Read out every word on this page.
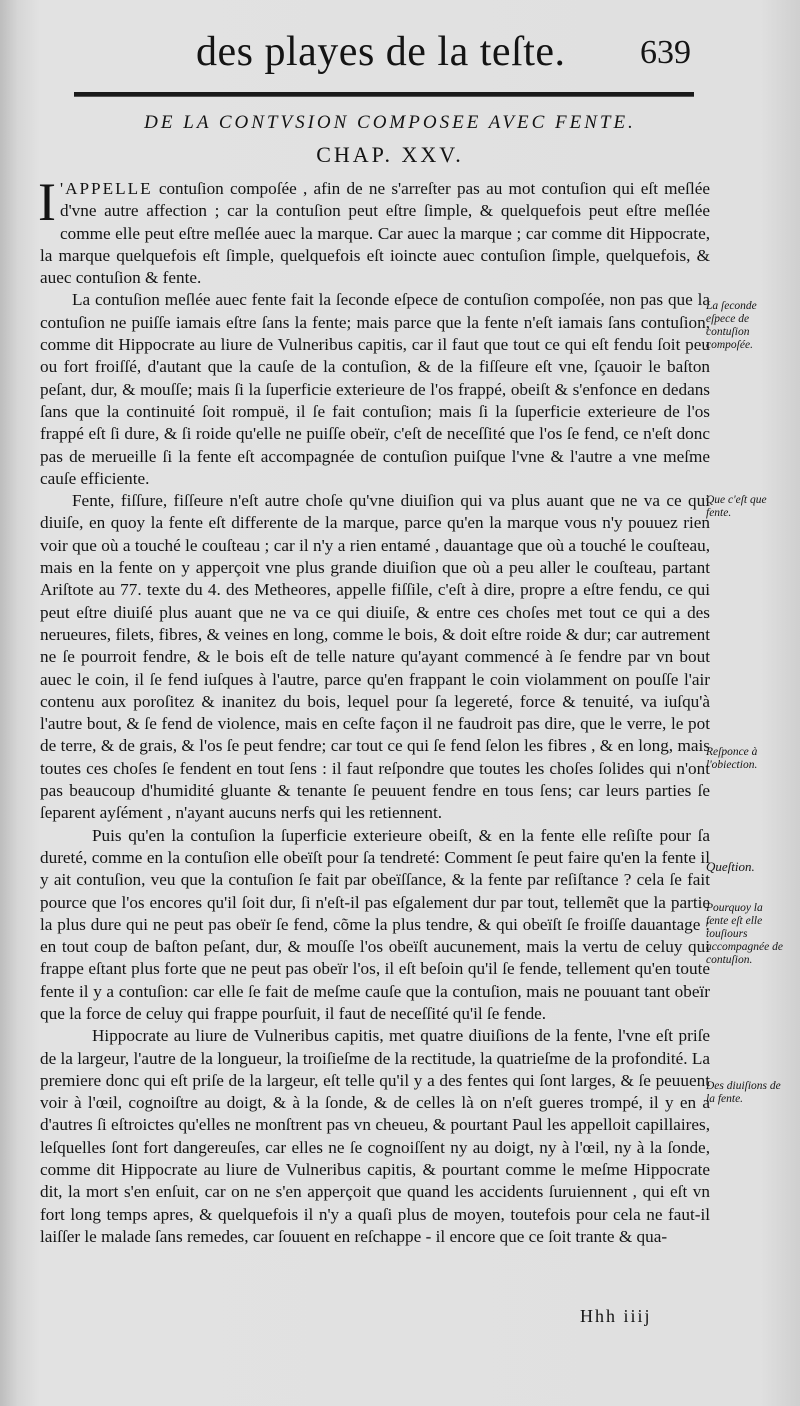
des playes de la teſte. 639
DE LA CONTVSION COMPOSEE AVEC FENTE.
CHAP. XXV.

I 'APPELLE contuſion compoſée , afin de ne s'arreſter pas au mot contuſion qui eſt meſlée d'vne autre affection ; car la contuſion peut eſtre ſimple, & quelquefois peut eſtre meſlée comme elle peut eſtre meſlée auec la marque. Car auec la marque ; car comme dit Hippocrate, la marque quelquefois eſt ſimple, quelquefois eſt ioincte auec contuſion ſimple, quelquefois, & auec contuſion & fente.

La contuſion meſlée auec fente fait la ſeconde eſpece de contuſion compoſée, non pas que la contuſion ne puiſſe iamais eſtre ſans la fente; mais parce que la fente n'eſt iamais ſans contuſion, comme dit Hippocrate au liure de Vulneribus capitis, car il faut que tout ce qui eſt fendu ſoit peu ou fort froiſſé, d'autant que la cauſe de la contuſion, & de la fiſſeure eſt vne, ſçauoir le baſton peſant, dur, & mouſſe; mais ſi la ſuperficie exterieure de l'os frappé, obeiſt & s'enfonce en dedans ſans que la continuité ſoit rompuë, il ſe fait contuſion; mais ſi la ſuperficie exterieure de l'os frappé eſt ſi dure, & ſi roide qu'elle ne puiſſe obeïr, c'eſt de neceſſité que l'os ſe fend, ce n'eſt donc pas de merueille ſi la fente eſt accompagnée de contuſion puiſque l'vne & l'autre a vne meſme cauſe efficiente.

Fente, fiſſure, fiſſeure n'eſt autre choſe qu'vne diuiſion qui va plus auant que ne va ce qui diuiſe, en quoy la fente eſt differente de la marque, parce qu'en la marque vous n'y pouuez rien voir que où a touché le couſteau ; car il n'y a rien entamé , dauantage que où a touché le couſteau, mais en la fente on y apperçoit vne plus grande diuiſion que où a peu aller le couſteau, partant Ariſtote au 77. texte du 4. des Metheores, appelle fiſſile, c'eſt à dire, propre a eſtre fendu, ce qui peut eſtre diuiſé plus auant que ne va ce qui diuiſe, & entre ces choſes met tout ce qui a des nerueures, filets, fibres, & veines en long, comme le bois, & doit eſtre roide & dur; car autrement ne ſe pourroit fendre, & le bois eſt de telle nature qu'ayant commencé à ſe fendre par vn bout auec le coin, il ſe fend iuſques à l'autre, parce qu'en frappant le coin violamment on pouſſe l'air contenu aux poroſitez & inanitez du bois, lequel pour ſa legereté, force & tenuité, va iuſqu'à l'autre bout, & ſe fend de violence, mais en ceſte façon il ne faudroit pas dire, que le verre, le pot de terre, & de grais, & l'os ſe peut fendre; car tout ce qui ſe fend ſelon les fibres , & en long, mais toutes ces choſes ſe fendent en tout ſens : il faut reſpondre que toutes les choſes ſolides qui n'ont pas beaucoup d'humidité gluante & tenante ſe peuuent fendre en tous ſens; car leurs parties ſe ſeparent ayſément , n'ayant aucuns nerfs qui les retiennent.

Puis qu'en la contuſion la ſuperficie exterieure obeiſt, & en la fente elle reſiſte pour ſa dureté, comme en la contuſion elle obeïſt pour ſa tendreté: Comment ſe peut faire qu'en la fente il y ait contuſion, veu que la contuſion ſe fait par obeïſſance, & la fente par reſiſtance ? cela ſe fait pource que l'os encores qu'il ſoit dur, ſi n'eſt-il pas eſgalement dur par tout, tellemẽt que la partie la plus dure qui ne peut pas obeïr ſe fend, cõme la plus tendre, & qui obeïſt ſe froiſſe dauantage : en tout coup de baſton peſant, dur, & mouſſe l'os obeïſt aucunement, mais la vertu de celuy qui frappe eſtant plus forte que ne peut pas obeïr l'os, il eſt beſoin qu'il ſe fende, tellement qu'en toute fente il y a contuſion: car elle ſe fait de meſme cauſe que la contuſion, mais ne pouuant tant obeïr que la force de celuy qui frappe pourſuit, il faut de neceſſité qu'il ſe fende.

Hippocrate au liure de Vulneribus capitis, met quatre diuiſions de la fente, l'vne eſt priſe de la largeur, l'autre de la longueur, la troiſieſme de la rectitude, la quatrieſme de la profondité. La premiere donc qui eſt priſe de la largeur, eſt telle qu'il y a des fentes qui ſont larges, & ſe peuuent voir à l'œil, cognoiſtre au doigt, & à la ſonde, & de celles là on n'eſt gueres trompé, il y en a d'autres ſi eſtroictes qu'elles ne monſtrent pas vn cheueu, & pourtant Paul les appelloit capillaires, leſquelles ſont fort dangereuſes, car elles ne ſe cognoiſſent ny au doigt, ny à l'œil, ny à la ſonde, comme dit Hippocrate au liure de Vulneribus capitis, & pourtant comme le meſme Hippocrate dit, la mort s'en enſuit, car on ne s'en apperçoit que quand les accidents ſuruiennent , qui eſt vn fort long temps apres, & quelquefois il n'y a quaſi plus de moyen, toutefois pour cela ne faut-il laiſſer le malade ſans remedes, car ſouuent en reſchappe - il encore que ce ſoit trante & qua-

La ſeconde eſpece de contuſion compoſée.
Que c'eſt que fente.
Reſponce à l'obiection.
Queſtion.
Pourquoy la fente eſt elle touſiours accompagnée de contuſion.
Des diuiſions de la fente.
Hhh iiij
